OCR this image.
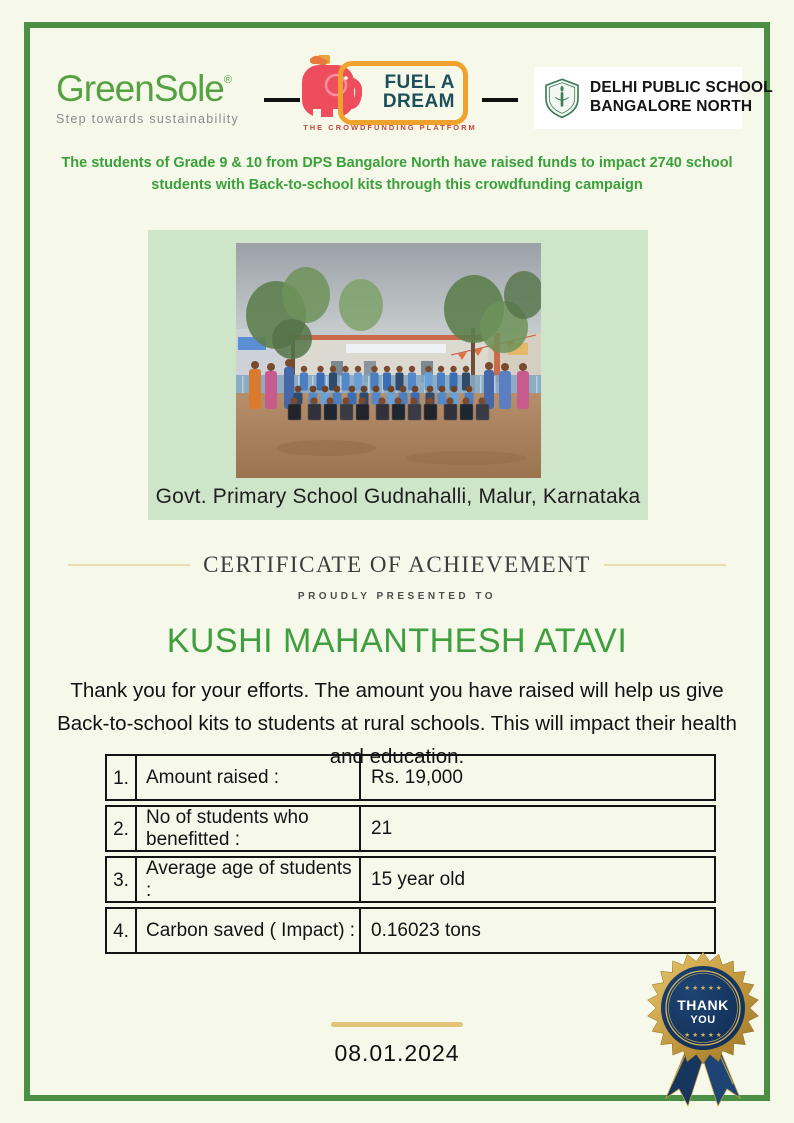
GreenSole®
Step towards sustainability
FUEL A
DREAM
THE CROWDFUNDING PLATFORM
DELHI PUBLIC SCHOOL
BANGALORE NORTH
The students of Grade 9 & 10 from DPS Bangalore North have raised funds to impact 2740 school students with Back-to-school kits through this crowdfunding campaign
Govt. Primary School Gudnahalli, Malur, Karnataka
CERTIFICATE OF ACHIEVEMENT
PROUDLY PRESENTED TO
KUSHI MAHANTHESH ATAVI
Thank you for your efforts. The amount you have raised will help us give Back-to-school kits to students at rural schools. This will impact their health and education.
1. Amount raised :	Rs. 19,000
2.
No of students who benefitted :
21
3.
Average age of students :
15 year old
4. Carbon saved ( Impact) : 0.16023 tons
08.01.2024
★ ★ ★ ★ ★
THANK
YOU
★ ★ ★ ★ ★
